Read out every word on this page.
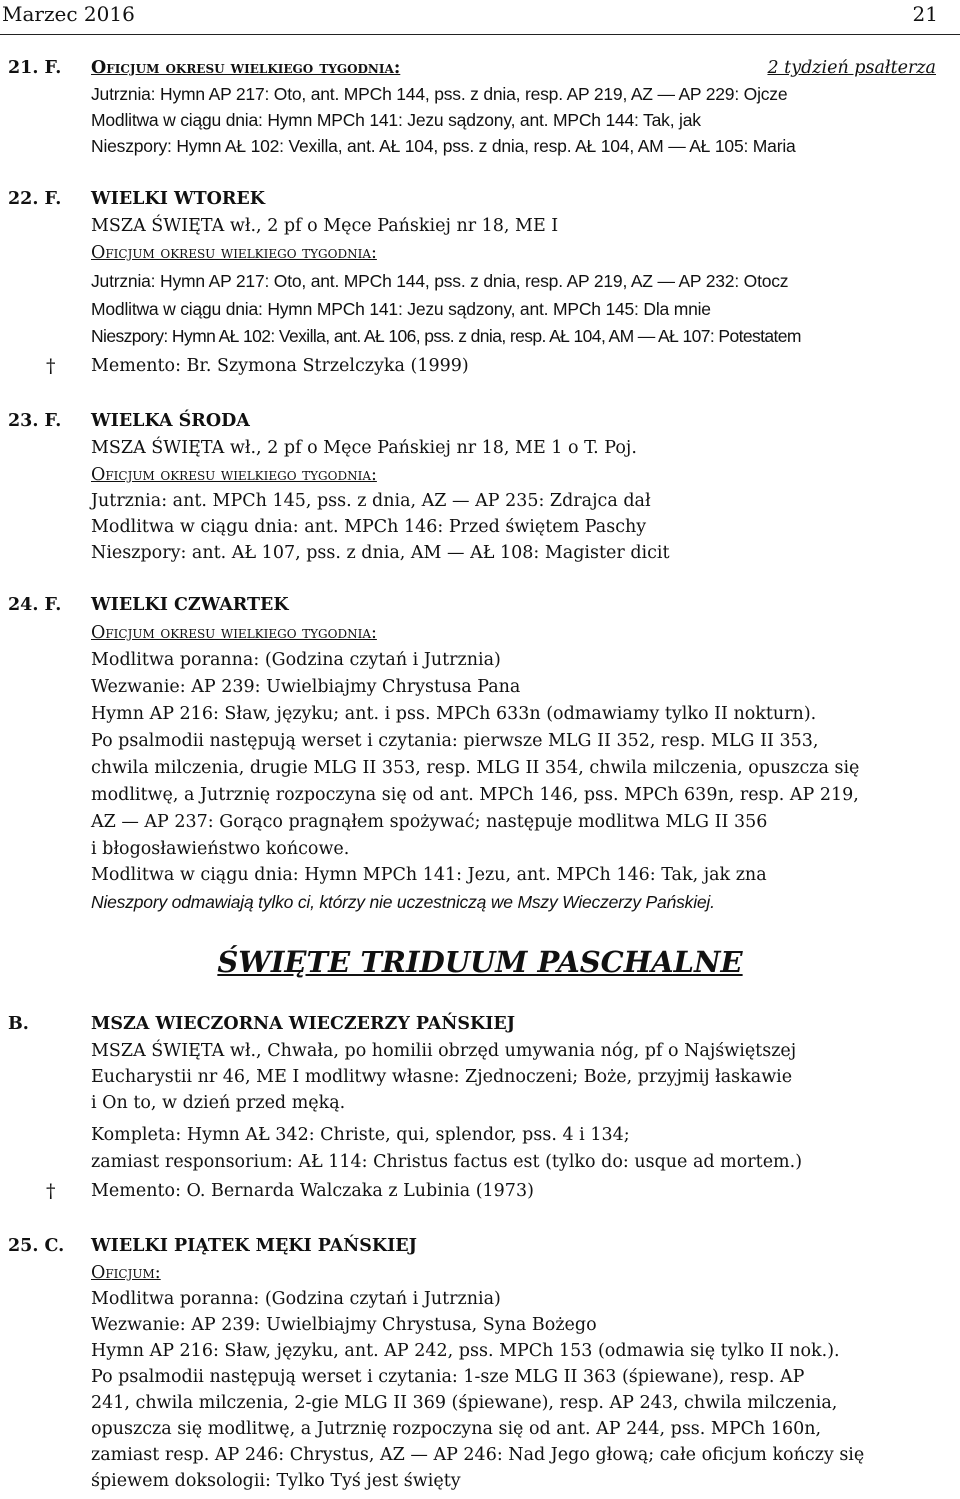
Marzec 2016	21
21. F. Oficjum okresu wielkiego tygodnia:	2 tydzień psałterza
Jutrznia: Hymn AP 217: Oto, ant. MPCh 144, pss. z dnia, resp. AP 219, AZ — AP 229: Ojcze
Modlitwa w ciągu dnia: Hymn MPCh 141: Jezu sądzony, ant. MPCh 144: Tak, jak
Nieszpory: Hymn AŁ 102: Vexilla, ant. AŁ 104, pss. z dnia, resp. AŁ 104, AM — AŁ 105: Maria
22. F. WIELKI WTOREK
MSZA ŚWIĘTA wł., 2 pf o Męce Pańskiej nr 18, ME I
Oficjum okresu wielkiego tygodnia:
Jutrznia: Hymn AP 217: Oto, ant. MPCh 144, pss. z dnia, resp. AP 219, AZ — AP 232: Otocz
Modlitwa w ciągu dnia: Hymn MPCh 141: Jezu sądzony, ant. MPCh 145: Dla mnie
Nieszpory: Hymn AŁ 102: Vexilla, ant. AŁ 106, pss. z dnia, resp. AŁ 104, AM — AŁ 107: Potestatem
† Memento: Br. Szymona Strzelczyka (1999)
23. F. WIELKA ŚRODA
MSZA ŚWIĘTA wł., 2 pf o Męce Pańskiej nr 18, ME 1 o T. Poj.
Oficjum okresu wielkiego tygodnia:
Jutrznia: ant. MPCh 145, pss. z dnia, AZ — AP 235: Zdrajca dał
Modlitwa w ciągu dnia: ant. MPCh 146: Przed świętem Paschy
Nieszpory: ant. AŁ 107, pss. z dnia, AM — AŁ 108: Magister dicit
24. F. WIELKI CZWARTEK
Oficjum okresu wielkiego tygodnia:
Modlitwa poranna: (Godzina czytań i Jutrznia)
Wezwanie: AP 239: Uwielbiajmy Chrystusa Pana
Hymn AP 216: Sław, języku; ant. i pss. MPCh 633n (odmawiamy tylko II nokturn).
Po psalmodii następują werset i czytania: pierwsze MLG II 352, resp. MLG II 353,
chwila milczenia, drugie MLG II 353, resp. MLG II 354, chwila milczenia, opuszcza się
modlitwę, a Jutrznię rozpoczyna się od ant. MPCh 146, pss. MPCh 639n, resp. AP 219,
AZ — AP 237: Gorąco pragnąłem spożywać; następuje modlitwa MLG II 356
i błogosławieństwo końcowe.
Modlitwa w ciągu dnia: Hymn MPCh 141: Jezu, ant. MPCh 146: Tak, jak zna
Nieszpory odmawiają tylko ci, którzy nie uczestniczą we Mszy Wieczerzy Pańskiej.
ŚWIĘTE TRIDUUM PASCHALNE
B.	MSZA WIECZORNA WIECZERZY PAŃSKIEJ
MSZA ŚWIĘTA wł., Chwała, po homilii obrzęd umywania nóg, pf o Najświętszej
Eucharystii nr 46, ME I modlitwy własne: Zjednoczeni; Boże, przyjmij łaskawie
i On to, w dzień przed męką.
Kompleta: Hymn AŁ 342: Christe, qui, splendor, pss. 4 i 134;
zamiast responsorium: AŁ 114: Christus factus est (tylko do: usque ad mortem.)
† Memento: O. Bernarda Walczaka z Lubinia (1973)
25. C. WIELKI PIĄTEK MĘKI PAŃSKIEJ
Oficjum:
Modlitwa poranna: (Godzina czytań i Jutrznia)
Wezwanie: AP 239: Uwielbiajmy Chrystusa, Syna Bożego
Hymn AP 216: Sław, języku, ant. AP 242, pss. MPCh 153 (odmawia się tylko II nok.).
Po psalmodii następują werset i czytania: 1-sze MLG II 363 (śpiewane), resp. AP
241, chwila milczenia, 2-gie MLG II 369 (śpiewane), resp. AP 243, chwila milczenia,
opuszcza się modlitwę, a Jutrznię rozpoczyna się od ant. AP 244, pss. MPCh 160n,
zamiast resp. AP 246: Chrystus, AZ — AP 246: Nad Jego głową; całe oficjum kończy się
śpiewem doksologii: Tylko Tyś jest święty
